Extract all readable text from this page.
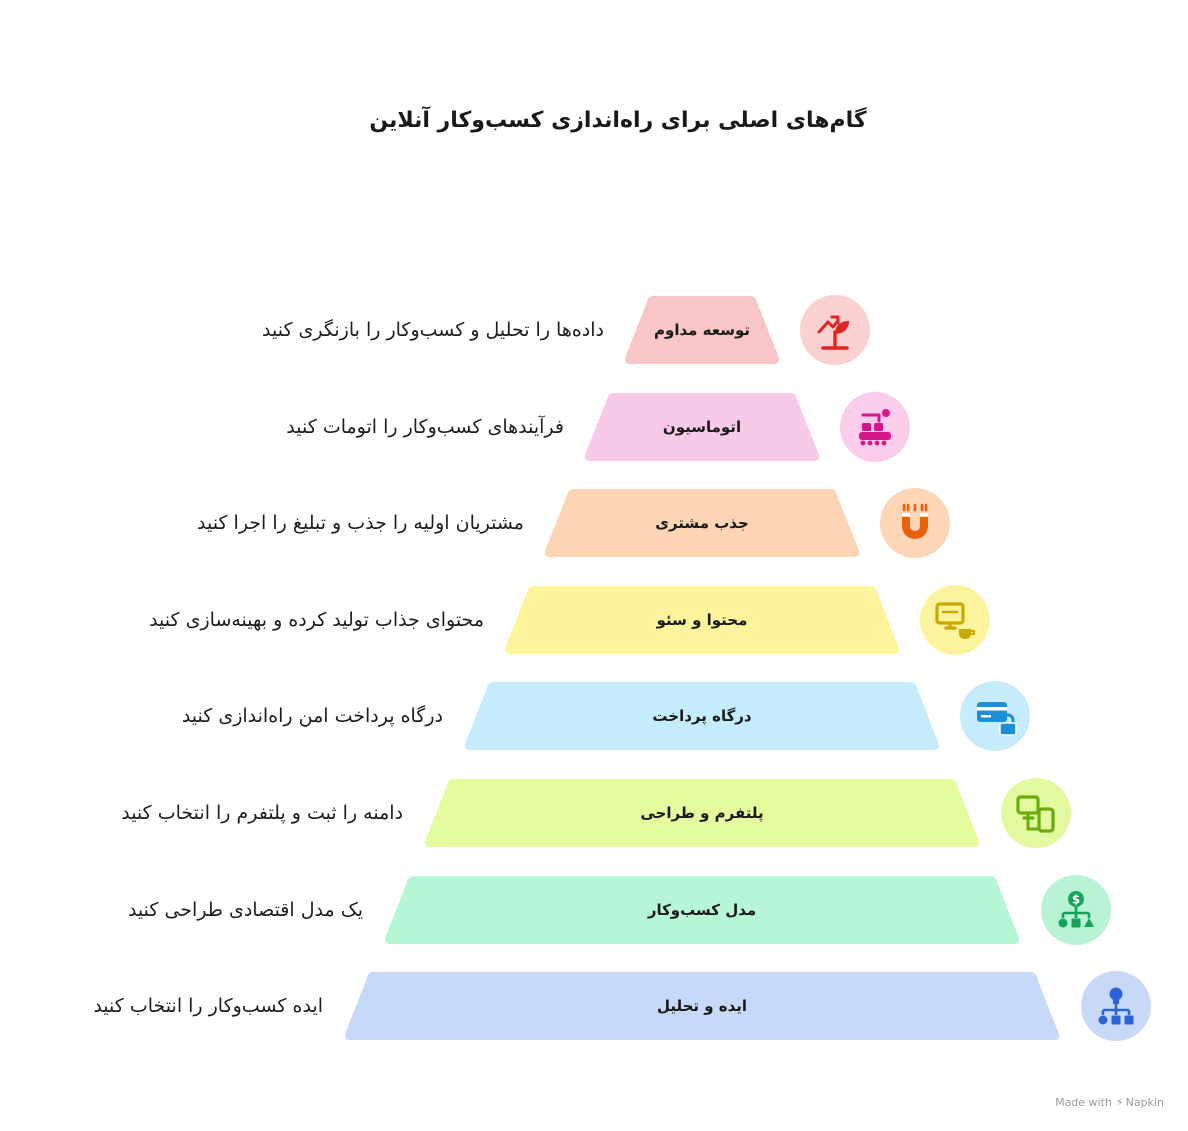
گام‌های اصلی برای راه‌اندازی کسب‌وکار آنلاین
توسعه مداوم
داده‌ها را تحلیل و کسب‌وکار را بازنگری کنید
اتوماسیون
فرآیندهای کسب‌وکار را اتومات کنید
جذب مشتری
مشتریان اولیه را جذب و تبلیغ را اجرا کنید
محتوا و سئو
محتوای جذاب تولید کرده و بهینه‌سازی کنید
درگاه پرداخت
درگاه پرداخت امن راه‌اندازی کنید
پلتفرم و طراحی
دامنه را ثبت و پلتفرم را انتخاب کنید
مدل کسب‌وکار
یک مدل اقتصادی طراحی کنید	$
ایده و تحلیل
ایده کسب‌وکار را انتخاب کنید
Made with ⚡ Napkin
